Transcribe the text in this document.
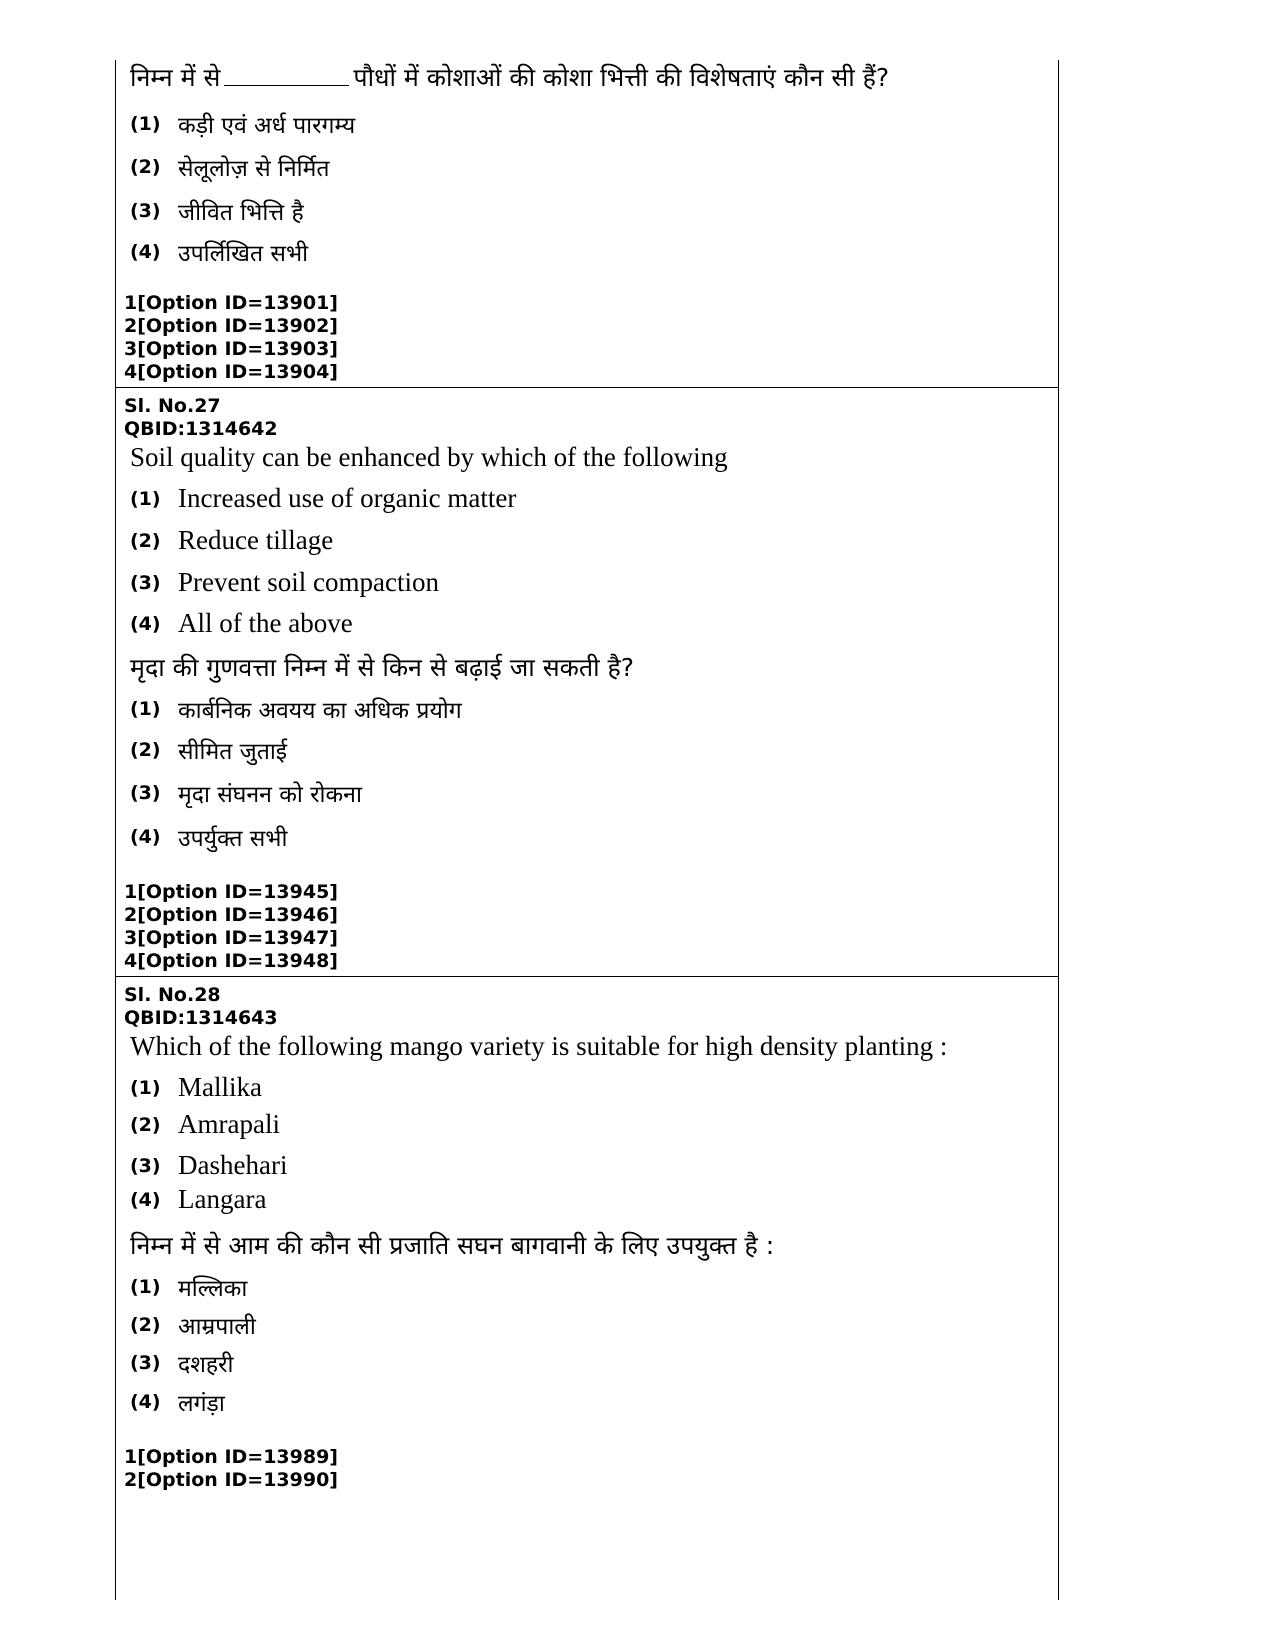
निम्न में से	पौधों में कोशाओं की कोशा भित्ती की विशेषताएं कौन सी हैं?
(1) कड़ी एवं अर्ध पारगम्य
(2) सेलूलोज़ से निर्मित
(3) जीवित भित्ति है
(4) उपर्लिखित सभी
1[Option ID=13901]
2[Option ID=13902]
3[Option ID=13903]
4[Option ID=13904]
Sl. No.27
QBID:1314642
Soil quality can be enhanced by which of the following
(1) Increased use of organic matter
(2) Reduce tillage
(3) Prevent soil compaction
(4) All of the above
मृदा की गुणवत्ता निम्न में से किन से बढ़ाई जा सकती है?
(1) कार्बनिक अवयय का अधिक प्रयोग
(2) सीमित जुताई
(3) मृदा संघनन को रोकना
(4) उपर्युक्त सभी
1[Option ID=13945]
2[Option ID=13946]
3[Option ID=13947]
4[Option ID=13948]
Sl. No.28
QBID:1314643
Which of the following mango variety is suitable for high density planting :
(1) Mallika
(2) Amrapali
(3) Dashehari
(4) Langara
निम्न में से आम की कौन सी प्रजाति सघन बागवानी के लिए उपयुक्त है :
(1) मल्लिका
(2) आम्रपाली
(3) दशहरी
(4) लगंड़ा
1[Option ID=13989]
2[Option ID=13990]
